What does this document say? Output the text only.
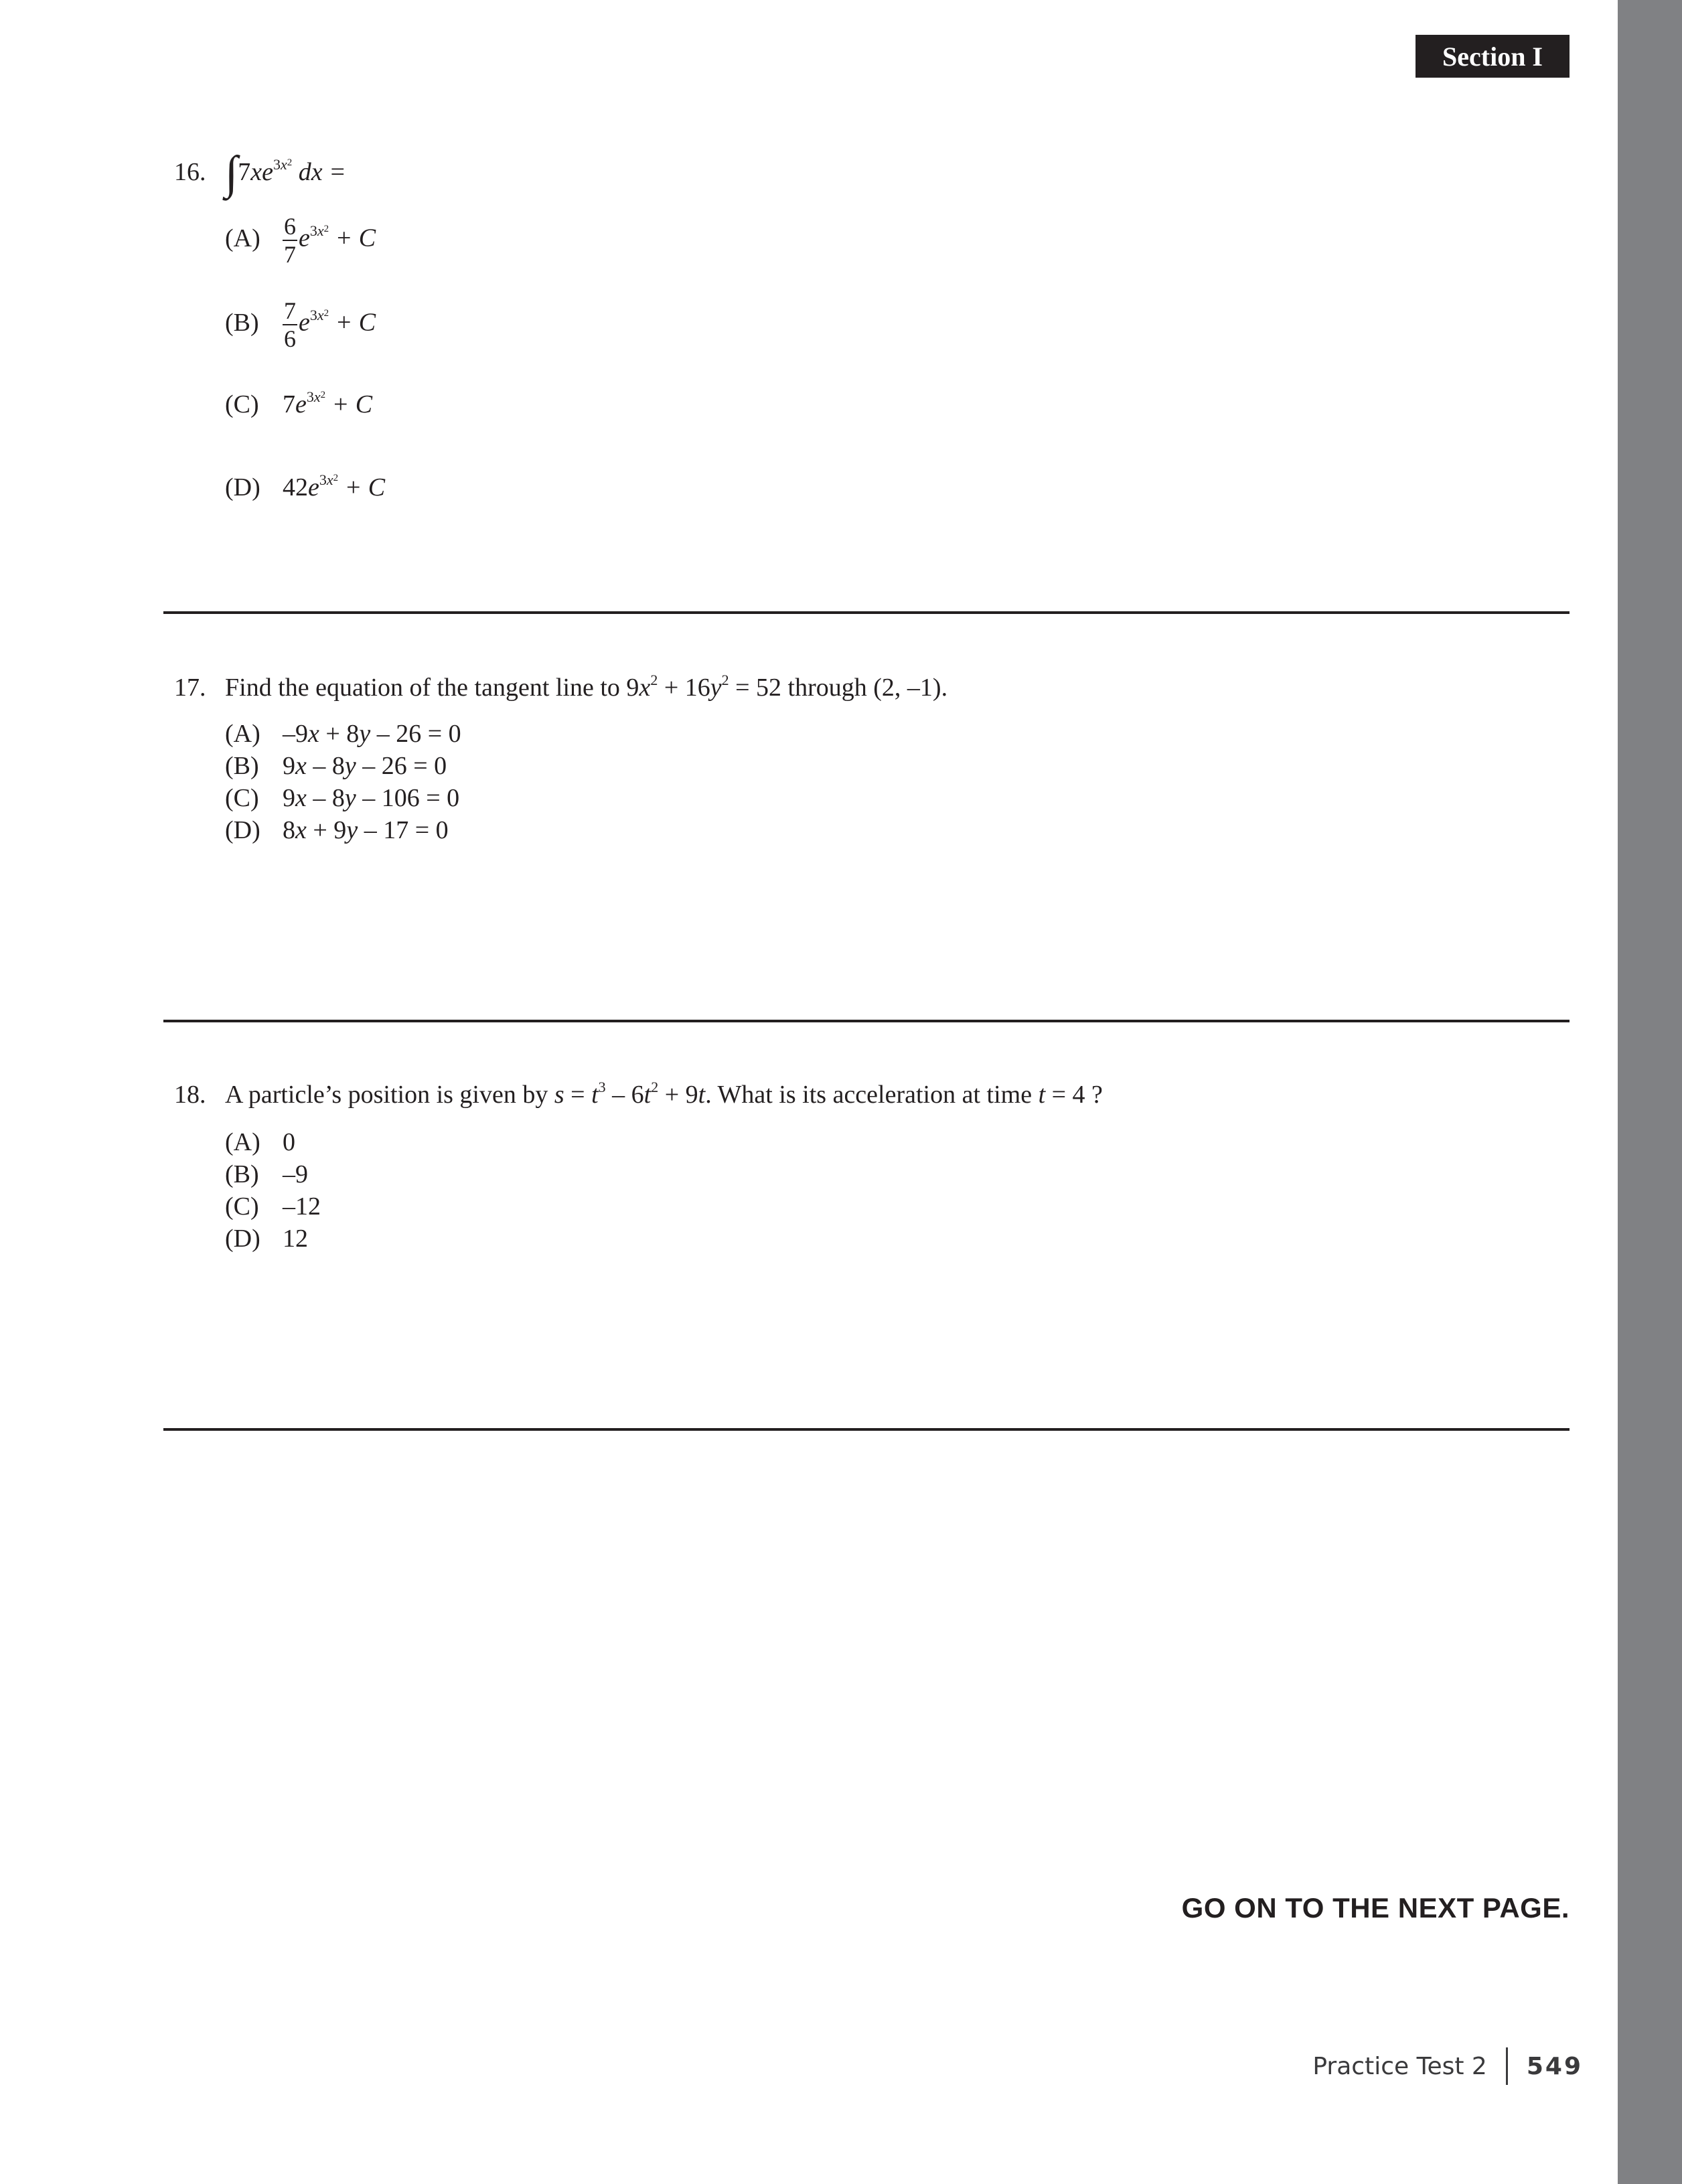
Section I
16. $\int 7xe^{3x^2}$ dx =
$(A) \frac{6}{7} e^{3x^2} + C$
$(B) \frac{7}{6} e^{3x^2} + C$
(C) $7e^{3x^2} + C$
(D) $42e^{3x^2} + C$
17. Find the equation of the tangent line to $9x^2 + 16y^2 = 52$ through (2, –1).
(A) –9x + 8y – 26 = 0
(B) 9x – 8y – 26 = 0
(C) 9x – 8y – 106 = 0
(D) 8x + 9y – 17 = 0
18. A particle’s position is given by $s = t^3 - 6t^2 + 9t$. What is its acceleration at time t = 4 ?
(A) 0
(B) –9
(C) –12
(D) 12
GO ON TO THE NEXT PAGE.
Practice Test 2 549
